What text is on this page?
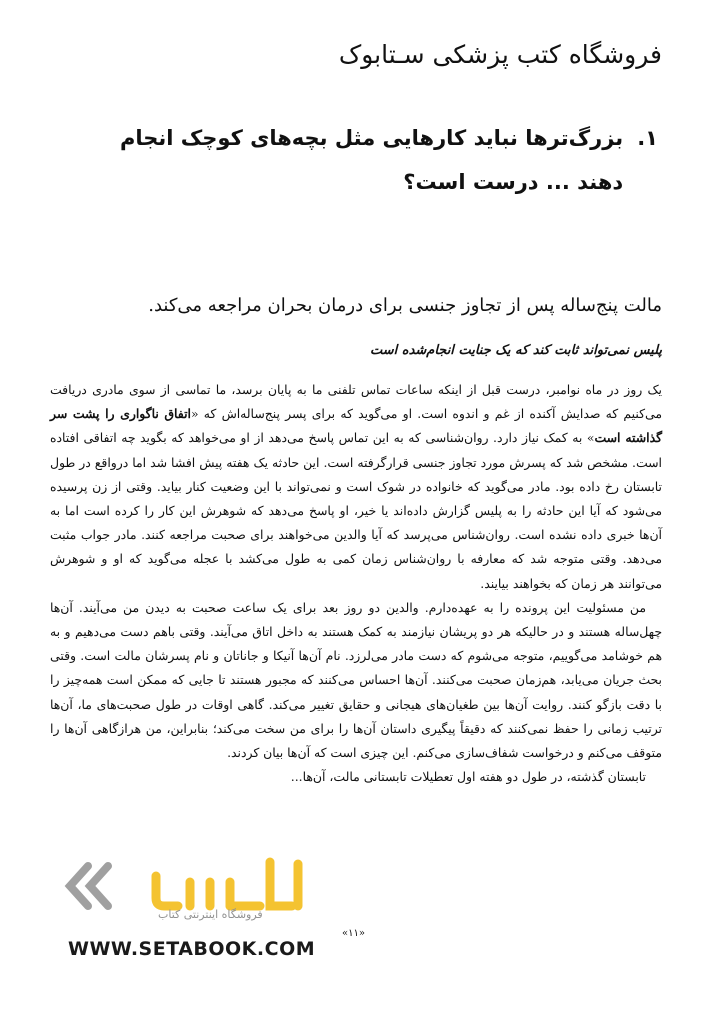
فروشگاه کتب پزشکی سـتابوک
۱.
بزرگ‌ترها نباید کارهایی مثل بچه‌های کوچک انجام دهند ... درست است؟
مالت پنج‌ساله پس از تجاوز جنسی برای درمان بحران مراجعه می‌کند.
پلیس نمی‌تواند ثابت کند که یک جنایت انجام‌شده است

یک روز در ماه نوامبر، درست قبل از اینکه ساعات تماس تلفنی ما به پایان برسد، ما تماسی از سوی مادری دریافت می‌کنیم که صدایش آکنده از غم و اندوه است. او می‌گوید که برای پسر پنج‌ساله‌اش که «اتفاق ناگواری را پشت سر گذاشته است» به کمک نیاز دارد. روان‌شناسی که به این تماس پاسخ می‌دهد از او می‌خواهد که بگوید چه اتفاقی افتاده است. مشخص شد که پسرش مورد تجاوز جنسی قرارگرفته است. این حادثه یک هفته پیش افشا شد اما درواقع در طول تابستان رخ داده بود. مادر می‌گوید که خانواده در شوک است و نمی‌تواند با این وضعیت کنار بیاید. وقتی از زن پرسیده می‌شود که آیا این حادثه را به پلیس گزارش داده‌اند یا خیر، او پاسخ می‌دهد که شوهرش این کار را کرده است اما به آن‌ها خبری داده نشده است. روان‌شناس می‌پرسد که آیا والدین می‌خواهند برای صحبت مراجعه کنند. مادر جواب مثبت می‌دهد. وقتی متوجه شد که معارفه با روان‌شناس زمان کمی به طول می‌کشد با عجله می‌گوید که او و شوهرش می‌توانند هر زمان که بخواهند بیایند.

من مسئولیت این پرونده را به عهده‌دارم. والدین دو روز بعد برای یک ساعت صحبت به دیدن من می‌آیند. آن‌ها چهل‌ساله هستند و در حالیکه هر دو پریشان نیازمند به کمک هستند به داخل اتاق می‌آیند. وقتی باهم دست می‌دهیم و به هم خوشامد می‌گوییم، متوجه می‌شوم که دست مادر می‌لرزد. نام آن‌ها آنیکا و جاناتان و نام پسرشان مالت است. وقتی بحث جریان می‌یابد، هم‌زمان صحبت می‌کنند. آن‌ها احساس می‌کنند که مجبور هستند تا جایی که ممکن است همه‌چیز را با دقت بازگو کنند. روایت آن‌ها بین طغیان‌های هیجانی و حقایق تغییر می‌کند. گاهی اوقات در طول صحبت‌های ما، آن‌ها ترتیب زمانی را حفظ نمی‌کنند که دقیقاً پیگیری داستان آن‌ها را برای من سخت می‌کند؛ بنابراین، من هرازگاهی آن‌ها را متوقف می‌کنم و درخواست شفاف‌سازی می‌کنم. این چیزی است که آن‌ها بیان کردند.

تابستان گذشته، در طول دو هفته اول تعطیلات تابستانی مالت، آن‌ها...

فروشگاه اینترنتی کتاب
«۱۱»
WWW.SETABOOK.COM
